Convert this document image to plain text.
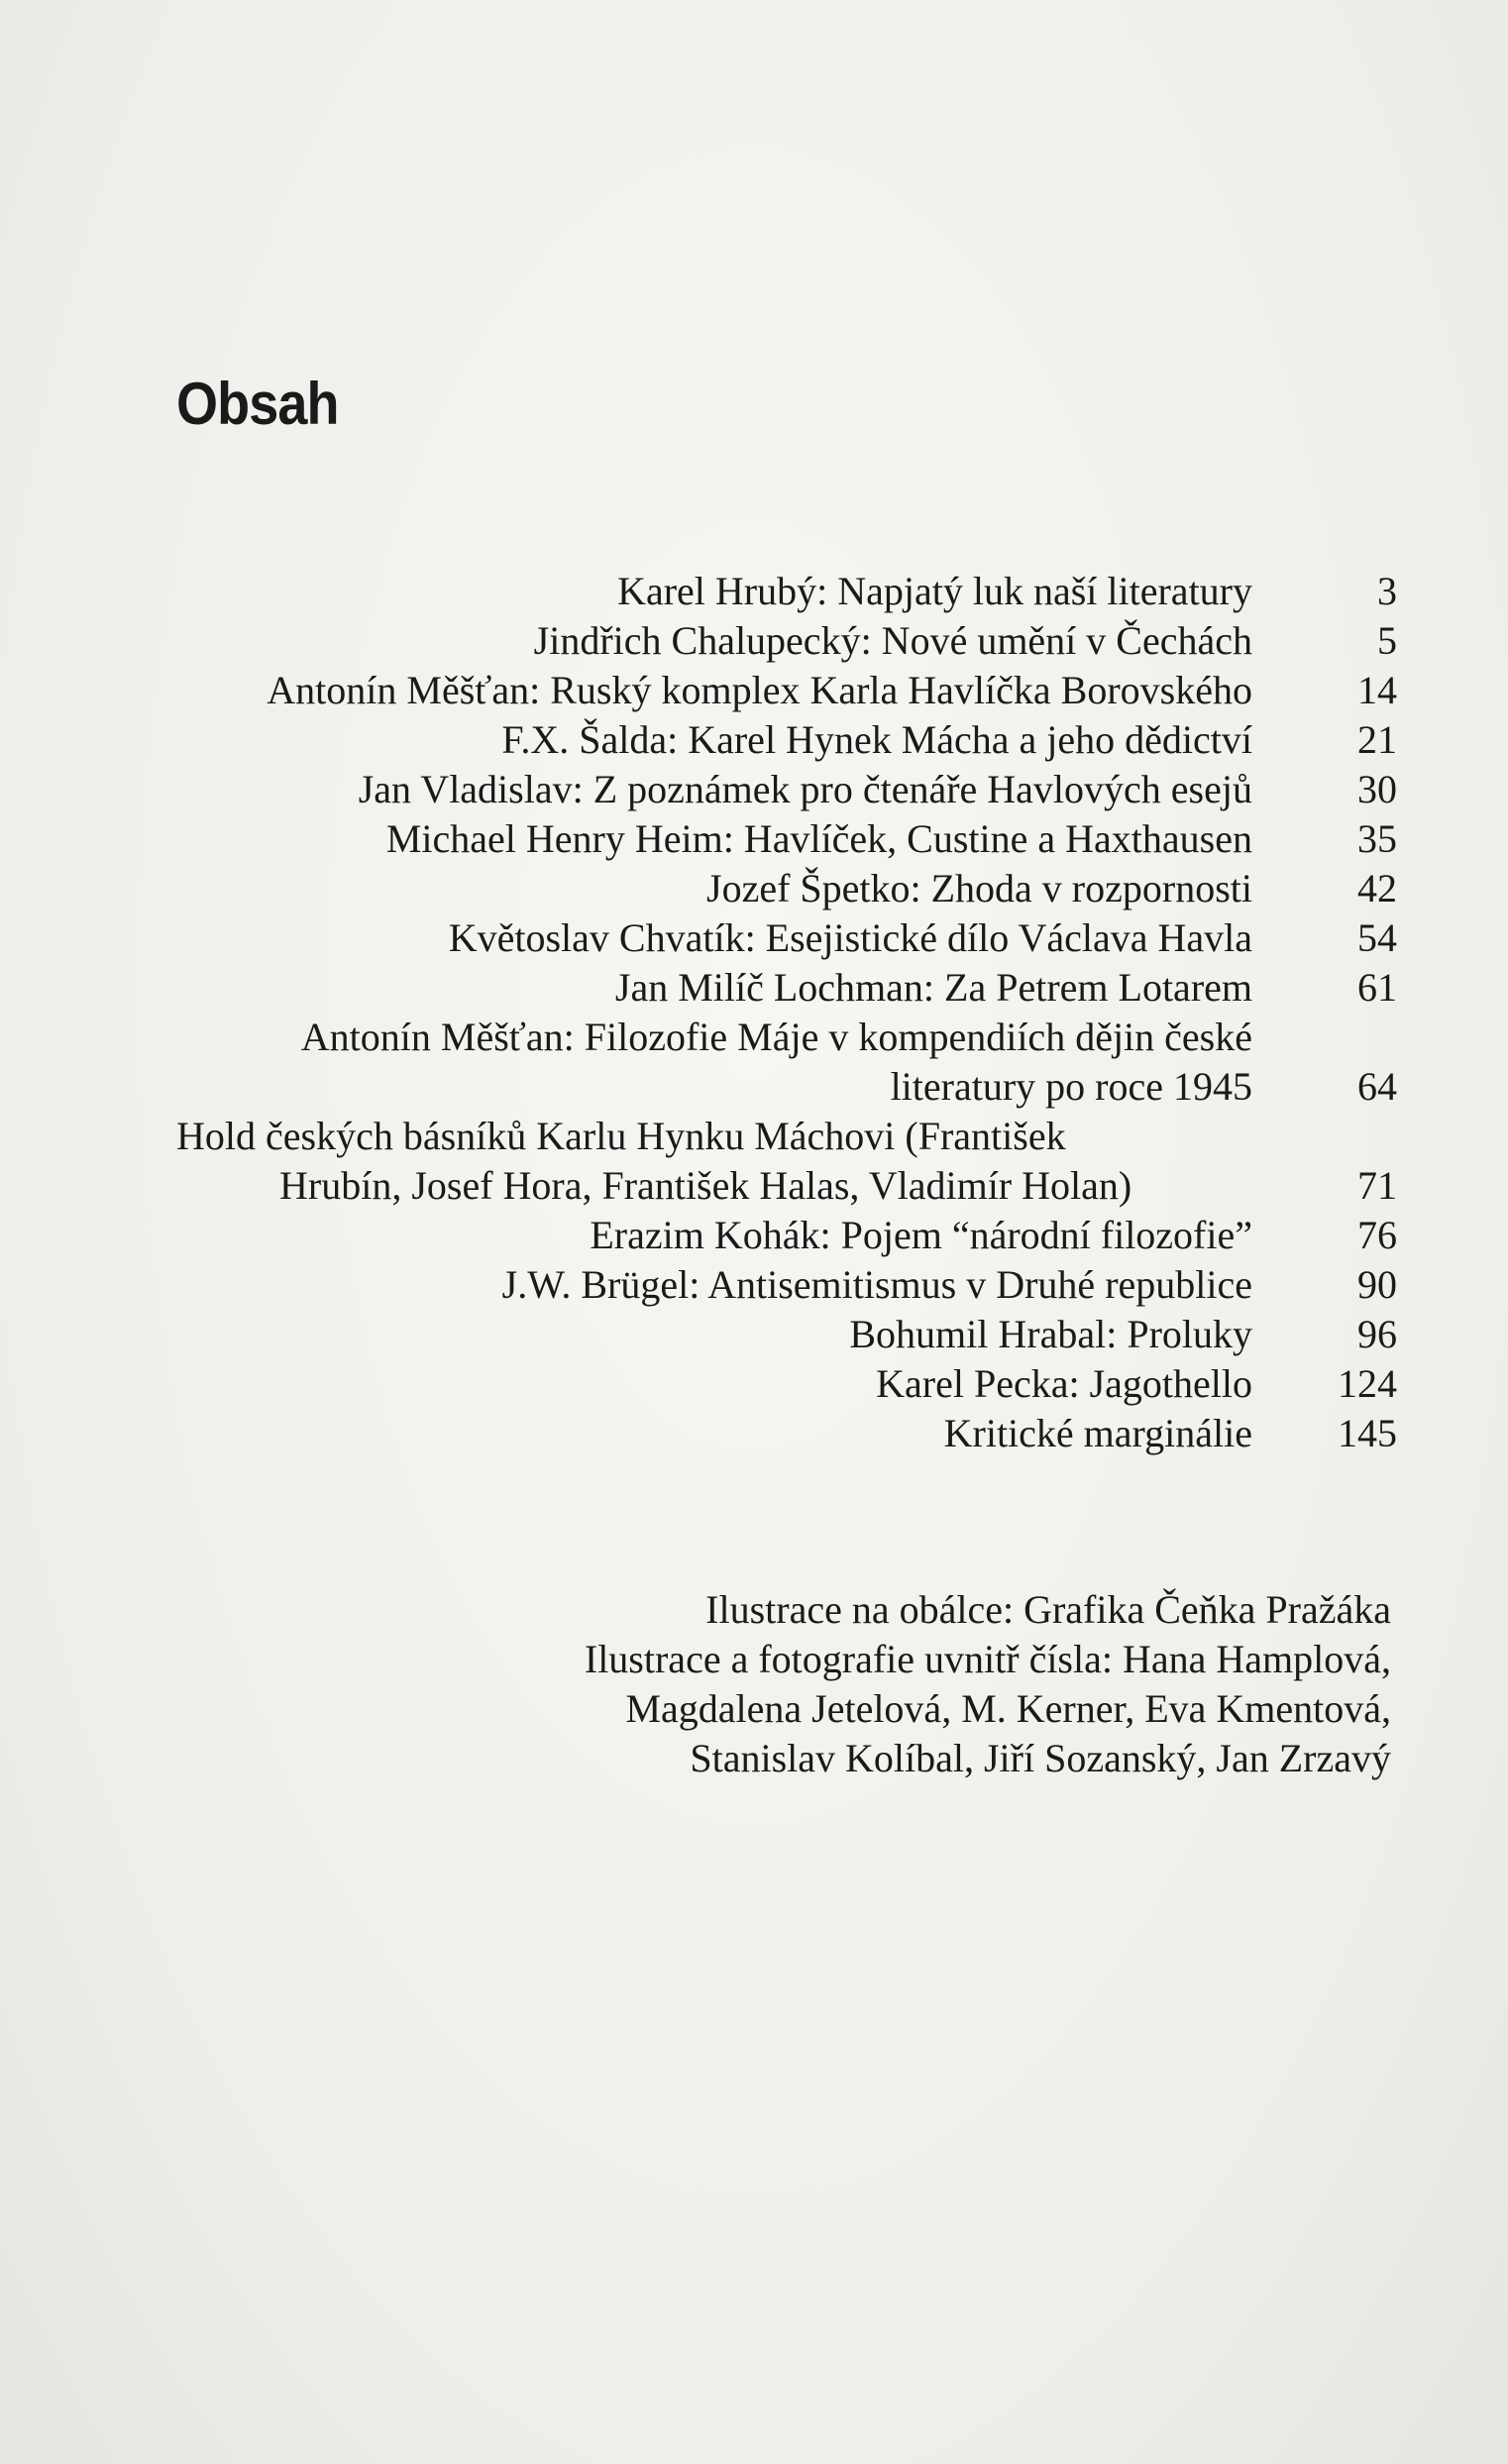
Obsah
Karel Hrubý: Napjatý luk naší literatury	3
Jindřich Chalupecký: Nové umění v Čechách	5
Antonín Měšťan: Ruský komplex Karla Havlíčka Borovského	14
F.X. Šalda: Karel Hynek Mácha a jeho dědictví	21
Jan Vladislav: Z poznámek pro čtenáře Havlových esejů	30
Michael Henry Heim: Havlíček, Custine a Haxthausen	35
Jozef Špetko: Zhoda v rozpornosti	42
Květoslav Chvatík: Esejistické dílo Václava Havla	54
Jan Milíč Lochman: Za Petrem Lotarem	61
Antonín Měšťan: Filozofie Máje v kompendiích dějin české
literatury po roce 1945	64
Hold českých básníků Karlu Hynku Máchovi (František
Hrubín, Josef Hora, František Halas, Vladimír Holan)	71
Erazim Kohák: Pojem “národní filozofie”	76
J.W. Brügel: Antisemitismus v Druhé republice	90
Bohumil Hrabal: Proluky	96
Karel Pecka: Jagothello	124
Kritické marginálie	145
Ilustrace na obálce: Grafika Čeňka Pražáka
Ilustrace a fotografie uvnitř čísla: Hana Hamplová,
Magdalena Jetelová, M. Kerner, Eva Kmentová,
Stanislav Kolíbal, Jiří Sozanský, Jan Zrzavý
